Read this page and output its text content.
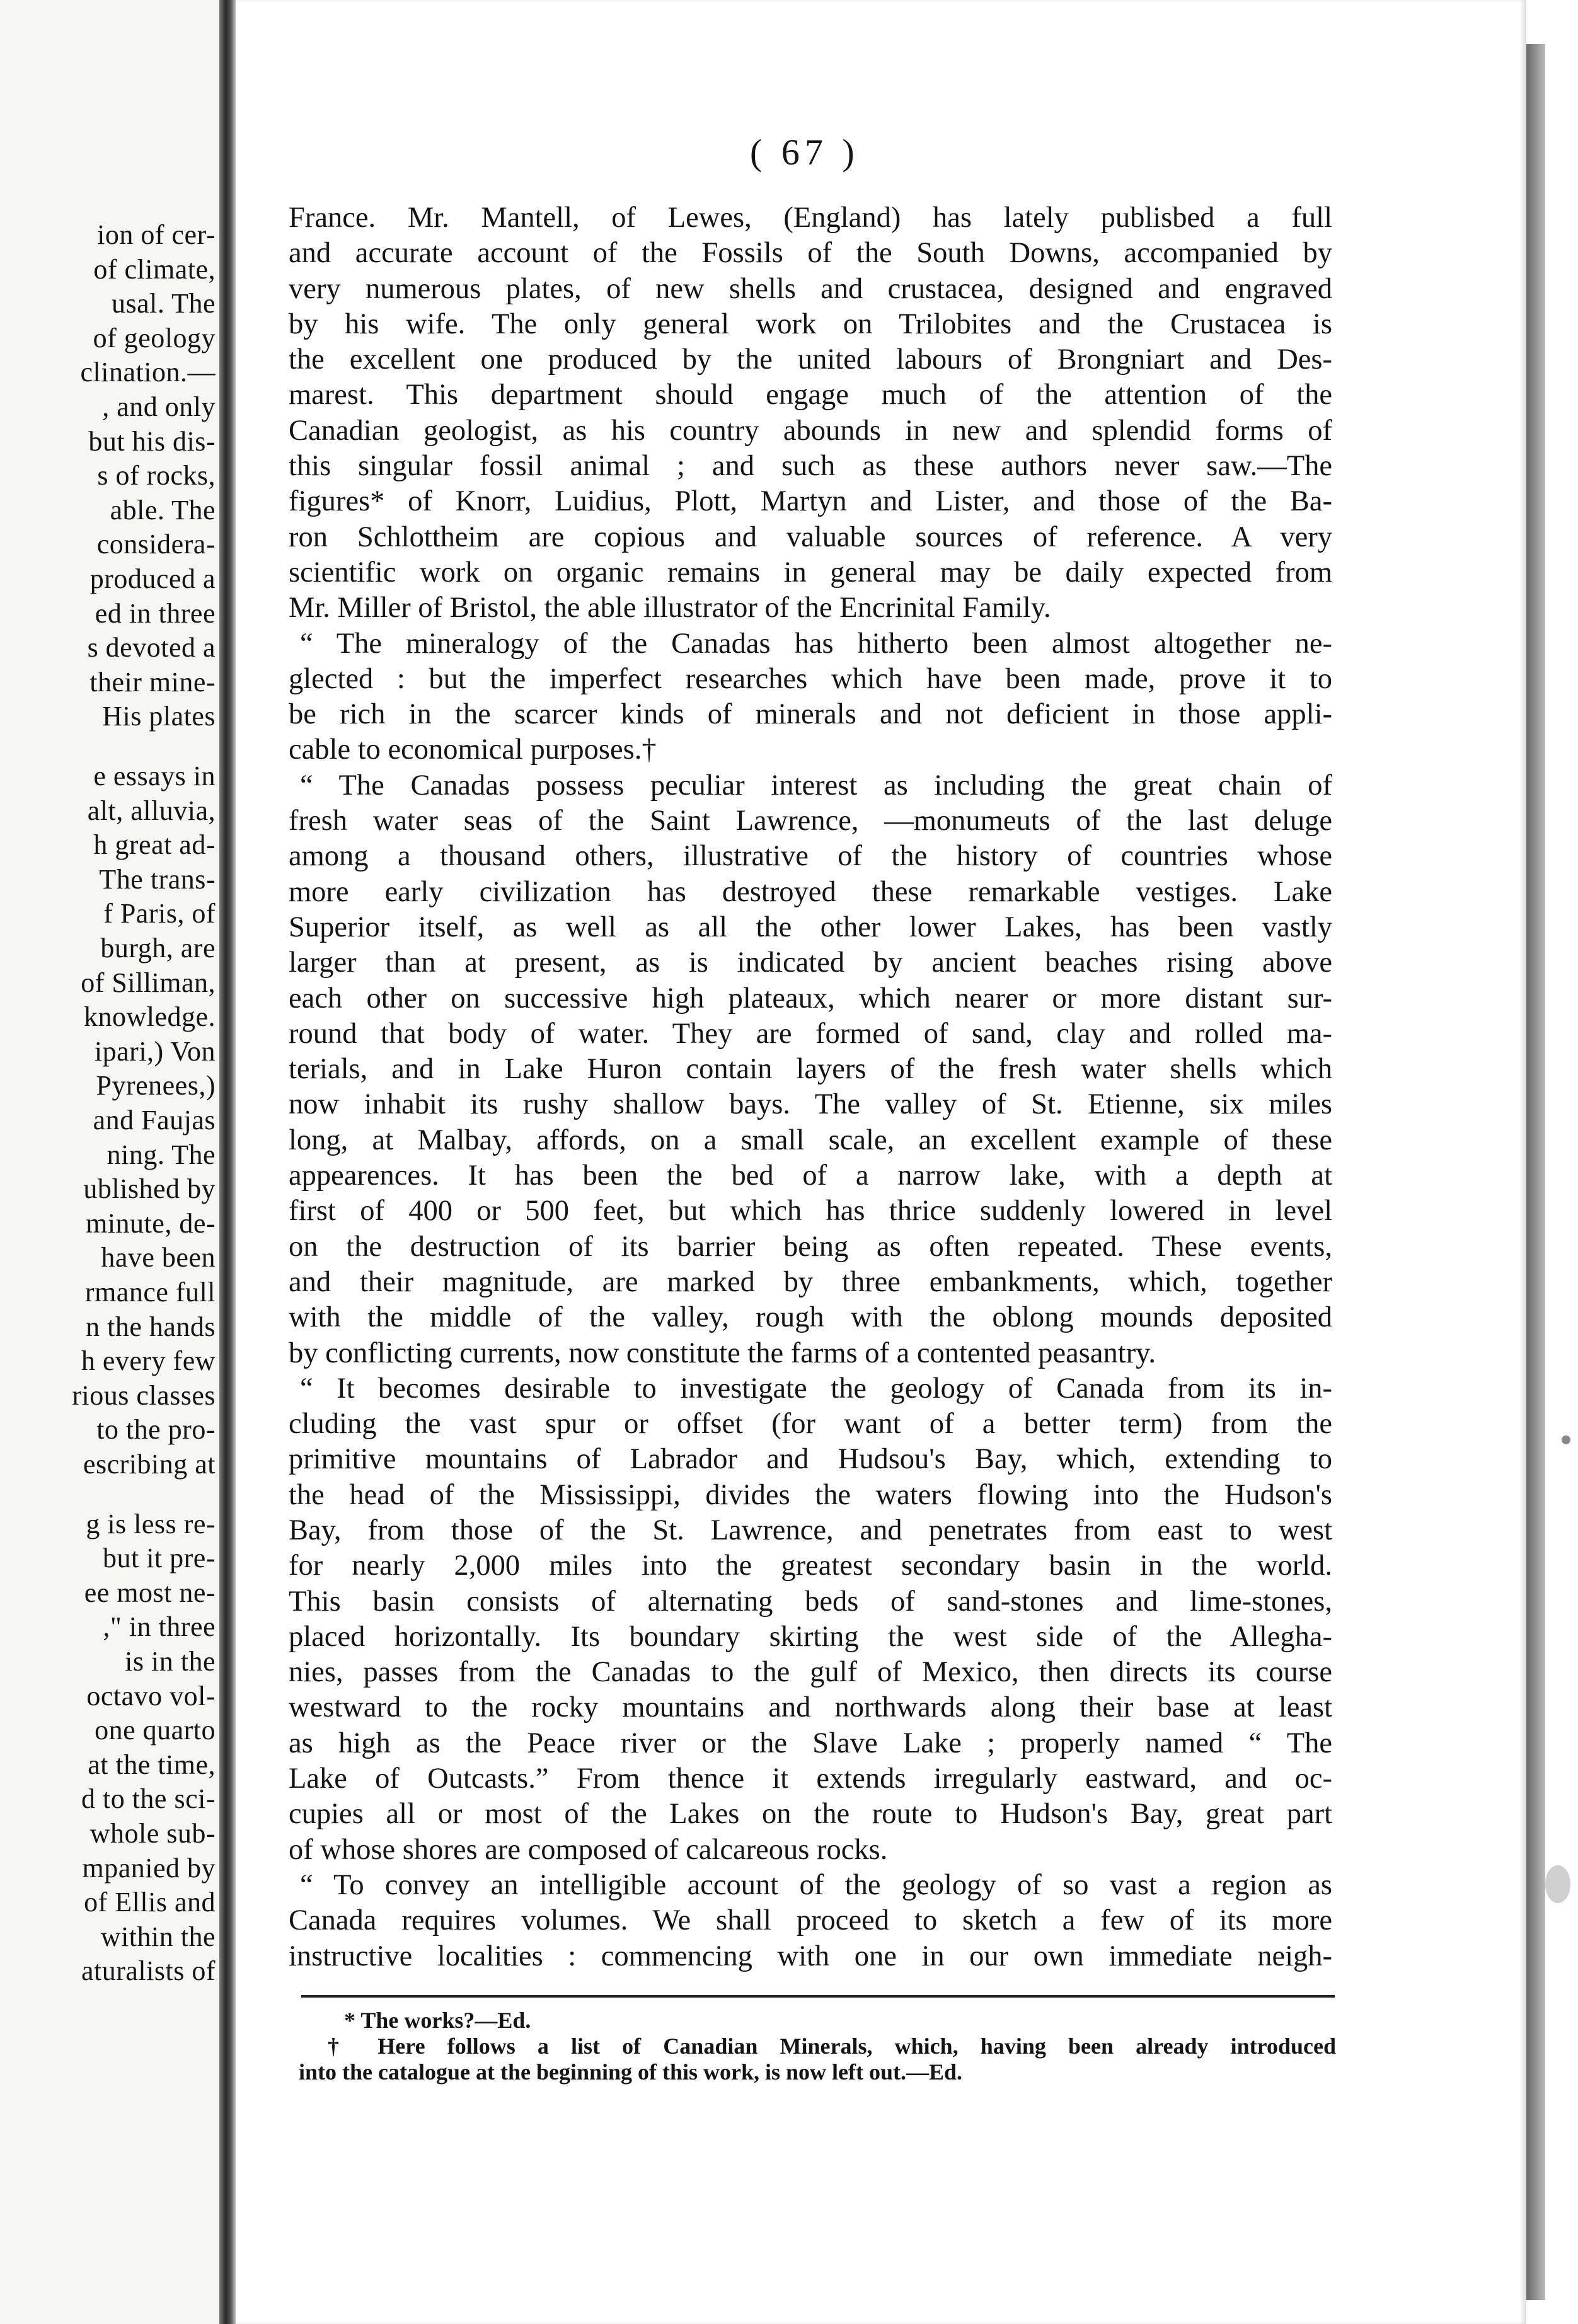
ion of cer-
of climate,
usal. The
of geology
clination.—
, and only
but his dis-
s of rocks,
able. The
considera-
produced a
ed in three
s devoted a
their mine-
His plates
e essays in
alt, alluvia,
h great ad-
The trans-
f Paris, of
burgh, are
of Silliman,
knowledge.
ipari,) Von
Pyrenees,)
and Faujas
ning. The
ublished by
minute, de-
have been
rmance full
n the hands
h every few
rious classes
to the pro-
escribing at
g is less re-
but it pre-
ee most ne-
," in three
is in the
octavo vol-
one quarto
at the time,
d to the sci-
whole sub-
mpanied by
of Ellis and
within the
aturalists of
( 67 )
France. Mr. Mantell, of Lewes, (England) has lately publisbed a full
and accurate account of the Fossils of the South Downs, accompanied by
very numerous plates, of new shells and crustacea, designed and engraved
by his wife. The only general work on Trilobites and the Crustacea is
the excellent one produced by the united labours of Brongniart and Des-
marest. This department should engage much of the attention of the
Canadian geologist, as his country abounds in new and splendid forms of
this singular fossil animal ; and such as these authors never saw.—The
figures* of Knorr, Luidius, Plott, Martyn and Lister, and those of the Ba-
ron Schlottheim are copious and valuable sources of reference. A very
scientific work on organic remains in general may be daily expected from
Mr. Miller of Bristol, the able illustrator of the Encrinital Family.
“ The mineralogy of the Canadas has hitherto been almost altogether ne-
glected : but the imperfect researches which have been made, prove it to
be rich in the scarcer kinds of minerals and not deficient in those appli-
cable to economical purposes.†
“ The Canadas possess peculiar interest as including the great chain of
fresh water seas of the Saint Lawrence, —monumeuts of the last deluge
among a thousand others, illustrative of the history of countries whose
more early civilization has destroyed these remarkable vestiges. Lake
Superior itself, as well as all the other lower Lakes, has been vastly
larger than at present, as is indicated by ancient beaches rising above
each other on successive high plateaux, which nearer or more distant sur-
round that body of water. They are formed of sand, clay and rolled ma-
terials, and in Lake Huron contain layers of the fresh water shells which
now inhabit its rushy shallow bays. The valley of St. Etienne, six miles
long, at Malbay, affords, on a small scale, an excellent example of these
appearences. It has been the bed of a narrow lake, with a depth at
first of 400 or 500 feet, but which has thrice suddenly lowered in level
on the destruction of its barrier being as often repeated. These events,
and their magnitude, are marked by three embankments, which, together
with the middle of the valley, rough with the oblong mounds deposited
by conflicting currents, now constitute the farms of a contented peasantry.
“ It becomes desirable to investigate the geology of Canada from its in-
cluding the vast spur or offset (for want of a better term) from the
primitive mountains of Labrador and Hudsou's Bay, which, extending to
the head of the Mississippi, divides the waters flowing into the Hudson's
Bay, from those of the St. Lawrence, and penetrates from east to west
for nearly 2,000 miles into the greatest secondary basin in the world.
This basin consists of alternating beds of sand-stones and lime-stones,
placed horizontally. Its boundary skirting the west side of the Allegha-
nies, passes from the Canadas to the gulf of Mexico, then directs its course
westward to the rocky mountains and northwards along their base at least
as high as the Peace river or the Slave Lake ; properly named “ The
Lake of Outcasts.” From thence it extends irregularly eastward, and oc-
cupies all or most of the Lakes on the route to Hudson's Bay, great part
of whose shores are composed of calcareous rocks.
“ To convey an intelligible account of the geology of so vast a region as
Canada requires volumes. We shall proceed to sketch a few of its more
instructive localities : commencing with one in our own immediate neigh-
* The works?—Ed.
† Here follows a list of Canadian Minerals, which, having been already introduced
into the catalogue at the beginning of this work, is now left out.—Ed.
